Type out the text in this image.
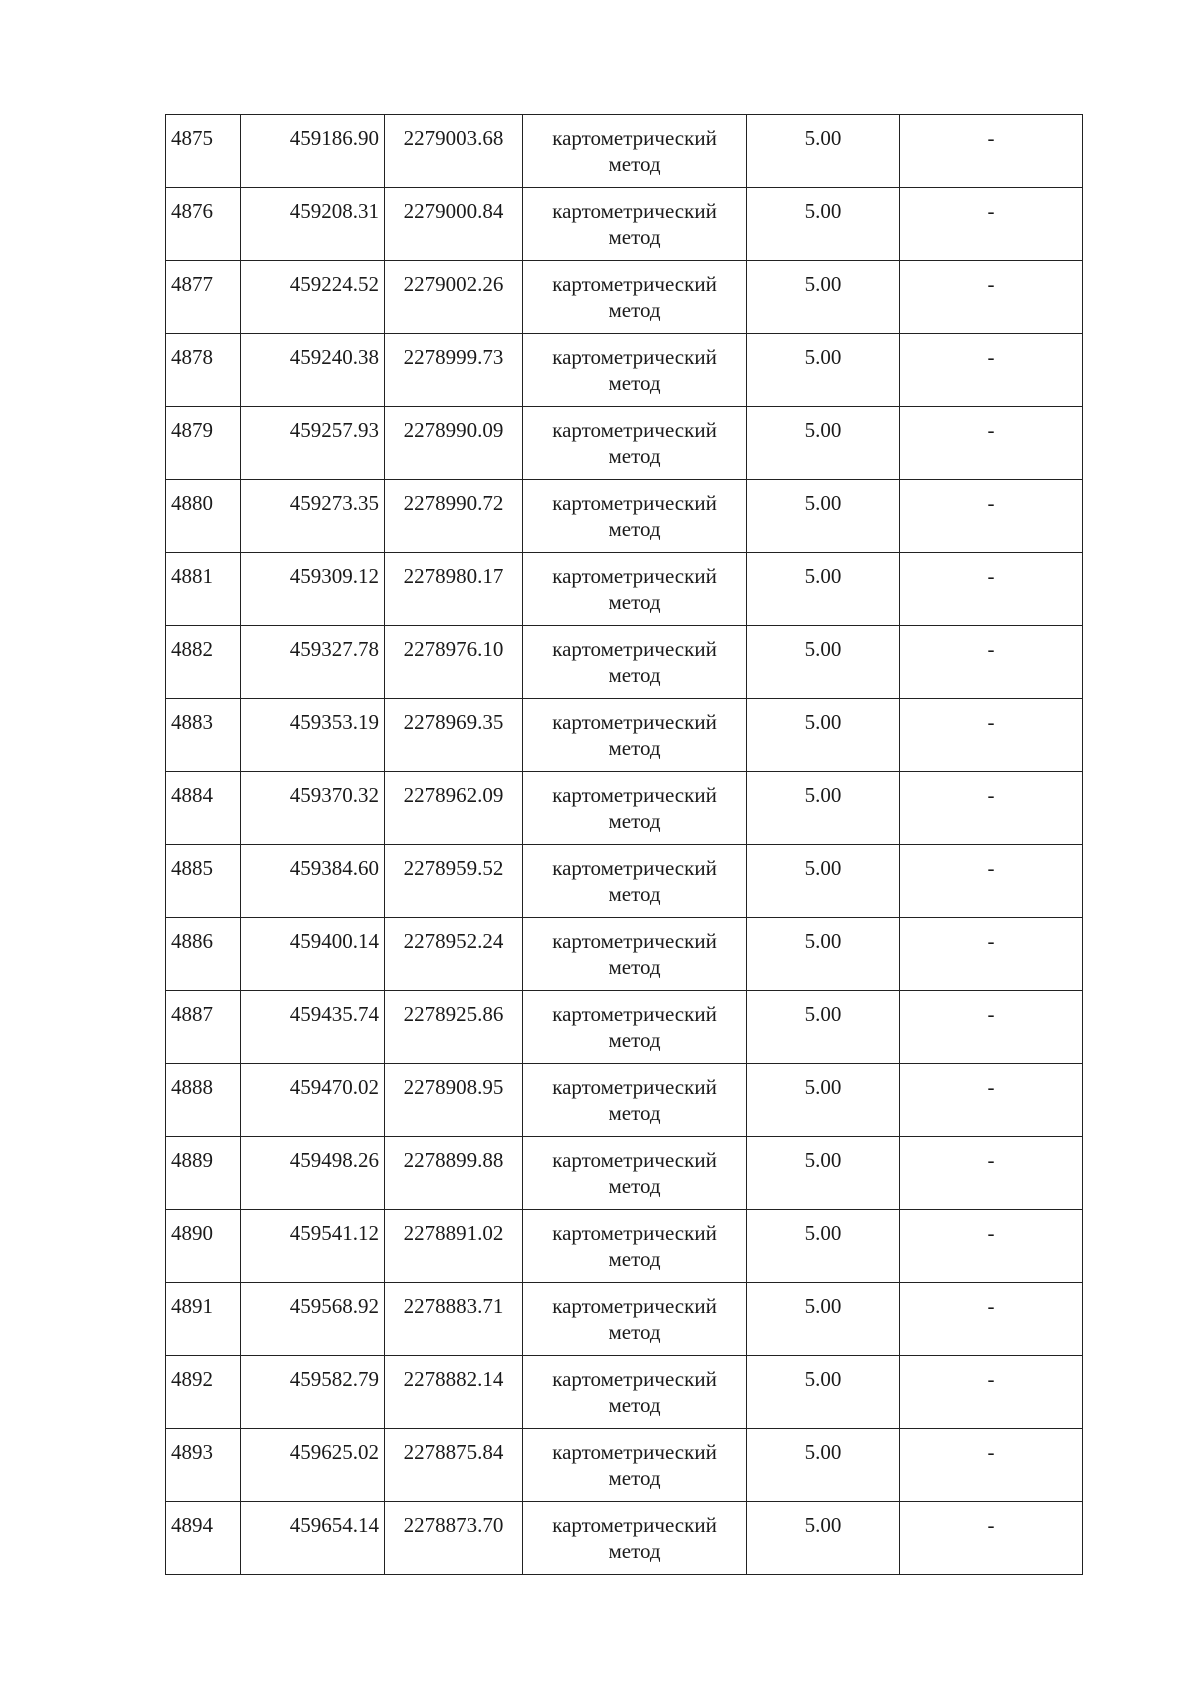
4875	459186.90	2279003.68	картометрический
метод	5.00	-
4876	459208.31	2279000.84	картометрический
метод	5.00	-
4877	459224.52	2279002.26	картометрический
метод	5.00	-
4878	459240.38	2278999.73	картометрический
метод	5.00	-
4879	459257.93	2278990.09	картометрический
метод	5.00	-
4880	459273.35	2278990.72	картометрический
метод	5.00	-
4881	459309.12	2278980.17	картометрический
метод	5.00	-
4882	459327.78	2278976.10	картометрический
метод	5.00	-
4883	459353.19	2278969.35	картометрический
метод	5.00	-
4884	459370.32	2278962.09	картометрический
метод	5.00	-
4885	459384.60	2278959.52	картометрический
метод	5.00	-
4886	459400.14	2278952.24	картометрический
метод	5.00	-
4887	459435.74	2278925.86	картометрический
метод	5.00	-
4888	459470.02	2278908.95	картометрический
метод	5.00	-
4889	459498.26	2278899.88	картометрический
метод	5.00	-
4890	459541.12	2278891.02	картометрический
метод	5.00	-
4891	459568.92	2278883.71	картометрический
метод	5.00	-
4892	459582.79	2278882.14	картометрический
метод	5.00	-
4893	459625.02	2278875.84	картометрический
метод	5.00	-
4894	459654.14	2278873.70	картометрический
метод	5.00	-
